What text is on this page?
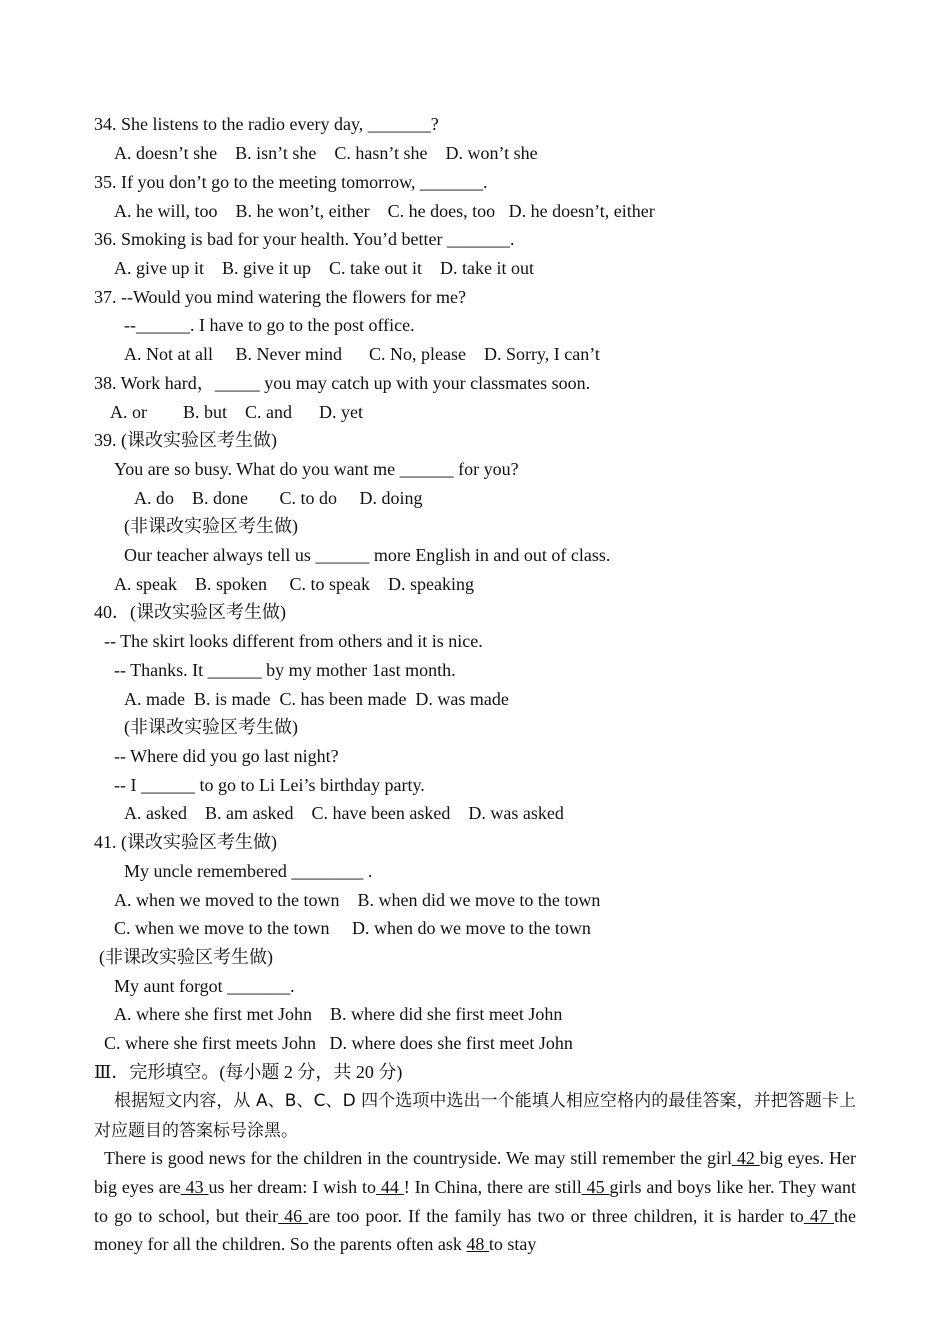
34. She listens to the radio every day, _______?
A. doesn’t she    B. isn’t she    C. hasn’t she    D. won’t she
35. If you don’t go to the meeting tomorrow, _______.
A. he will, too    B. he won’t, either    C. he does, too   D. he doesn’t, either
36. Smoking is bad for your health. You’d better _______.
A. give up it    B. give it up    C. take out it    D. take it out
37. --Would you mind watering the flowers for me?
--______. I have to go to the post office.
A. Not at all     B. Never mind      C. No, please    D. Sorry, I can’t
38. Work hard，_____ you may catch up with your classmates soon.
A. or        B. but    C. and      D. yet
39. (课改实验区考生做)
You are so busy. What do you want me ______ for you?
A. do    B. done       C. to do     D. doing
(非课改实验区考生做)
Our teacher always tell us ______ more English in and out of class.
A. speak    B. spoken     C. to speak    D. speaking
40．(课改实验区考生做)
-- The skirt looks different from others and it is nice.
-- Thanks. It ______ by my mother 1ast month.
A. made  B. is made  C. has been made  D. was made
(非课改实验区考生做)
-- Where did you go last night?
-- I ______ to go to Li Lei’s birthday party.
A. asked    B. am asked    C. have been asked    D. was asked
41. (课改实验区考生做)
My uncle remembered ________ .
A. when we moved to the town    B. when did we move to the town
C. when we move to the town     D. when do we move to the town
(非课改实验区考生做)
My aunt forgot _______.
A. where she first met John    B. where did she first meet John
C. where she first meets John   D. where does she first meet John
Ⅲ．完形填空。(每小题 2 分，共 20 分)
根据短文内容，从 A、B、C、D 四个选项中选出一个能填人相应空格内的最佳答案，并把答题卡上对应题目的答案标号涂黑。
There is good news for the children in the countryside. We may still remember the girl 42 big eyes. Her big eyes are 43 us her dream: I wish to 44 ! In China, there are still 45 girls and boys like her. They want to go to school, but their 46 are too poor. If the family has two or three children, it is harder to 47 the money for all the children. So the parents often ask 48 to stay
